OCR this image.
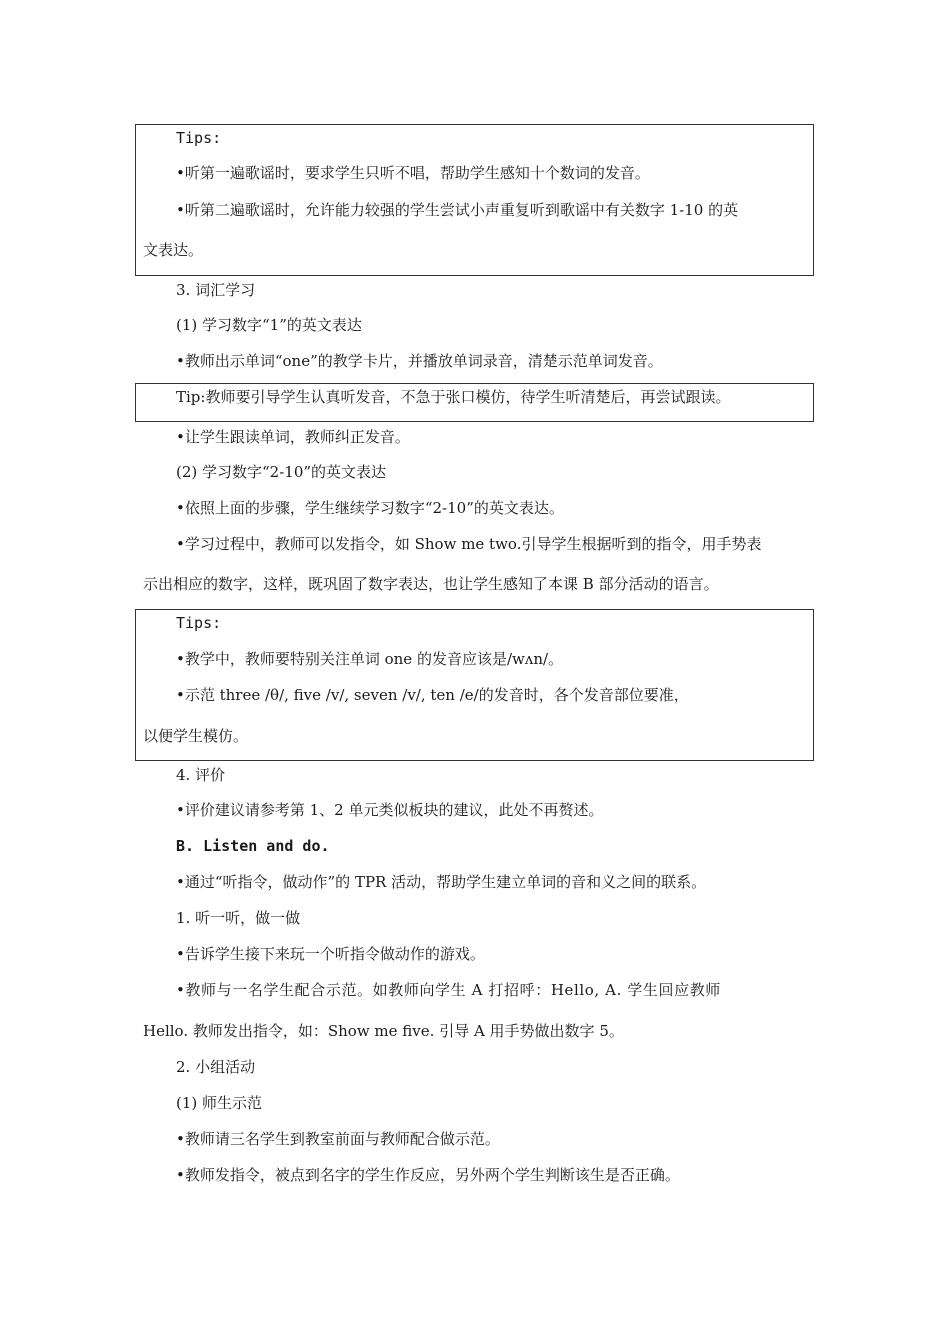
Tips:
•听第一遍歌谣时，要求学生只听不唱，帮助学生感知十个数词的发音。
•听第二遍歌谣时，允许能力较强的学生尝试小声重复听到歌谣中有关数字 1-10 的英
文表达。
3. 词汇学习
(1) 学习数字“1”的英文表达
•教师出示单词“one”的教学卡片，并播放单词录音，清楚示范单词发音。
Tip:教师要引导学生认真听发音，不急于张口模仿，待学生听清楚后，再尝试跟读。
•让学生跟读单词，教师纠正发音。
(2) 学习数字“2-10”的英文表达
•依照上面的步骤，学生继续学习数字“2-10”的英文表达。
•学习过程中，教师可以发指令，如 Show me two.引导学生根据听到的指令，用手势表
示出相应的数字，这样，既巩固了数字表达，也让学生感知了本课 B 部分活动的语言。
Tips:
•教学中，教师要特别关注单词 one 的发音应该是/wʌn/。
•示范 three /θ/, five /v/, seven /v/, ten /e/的发音时，各个发音部位要准，
以便学生模仿。
4. 评价
•评价建议请参考第 1、2 单元类似板块的建议，此处不再赘述。
B. Listen and do.
•通过“听指令，做动作”的 TPR 活动，帮助学生建立单词的音和义之间的联系。
1. 听一听，做一做
•告诉学生接下来玩一个听指令做动作的游戏。
•教师与一名学生配合示范。如教师向学生 A 打招呼：Hello, A. 学生回应教师
Hello. 教师发出指令，如：Show me five. 引导 A 用手势做出数字 5。
2. 小组活动
(1) 师生示范
•教师请三名学生到教室前面与教师配合做示范。
•教师发指令，被点到名字的学生作反应，另外两个学生判断该生是否正确。
